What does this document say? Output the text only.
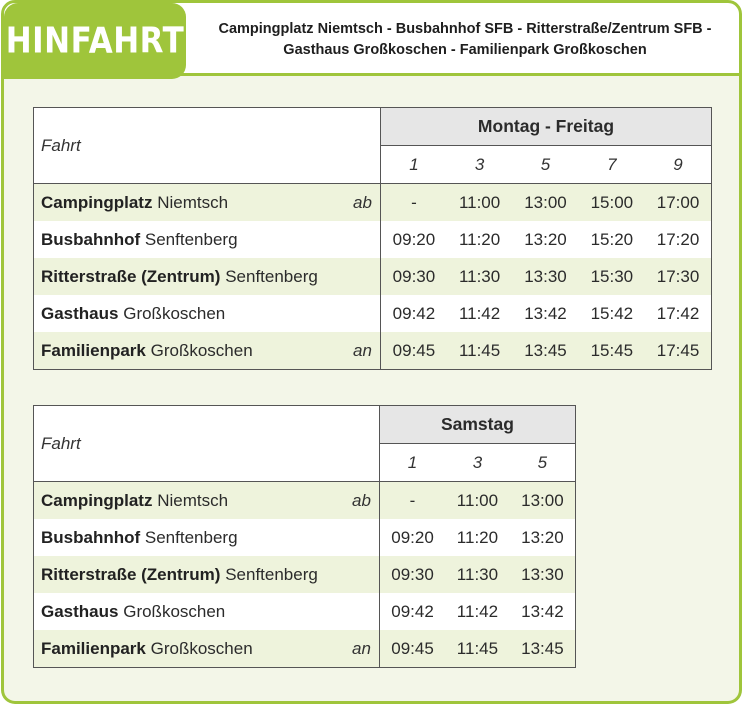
HINFAHRT	Campingplatz Niemtsch - Busbahnhof SFB - Ritterstraße/Zentrum SFB -
Gasthaus Großkoschen - Familienpark Großkoschen
Fahrt		Montag - Freitag				
		1	3	5	7	9
Campingplatz Niemtsch	ab	-	11:00	13:00	15:00	17:00
Busbahnhof Senftenberg		09:20	11:20	13:20	15:20	17:20
Ritterstraße (Zentrum) Senftenberg		09:30	11:30	13:30	15:30	17:30
Gasthaus Großkoschen		09:42	11:42	13:42	15:42	17:42
Familienpark Großkoschen	an	09:45	11:45	13:45	15:45	17:45
Fahrt		Samstag		
		1	3	5
Campingplatz Niemtsch	ab	-	11:00	13:00
Busbahnhof Senftenberg		09:20	11:20	13:20
Ritterstraße (Zentrum) Senftenberg		09:30	11:30	13:30
Gasthaus Großkoschen		09:42	11:42	13:42
Familienpark Großkoschen	an	09:45	11:45	13:45
